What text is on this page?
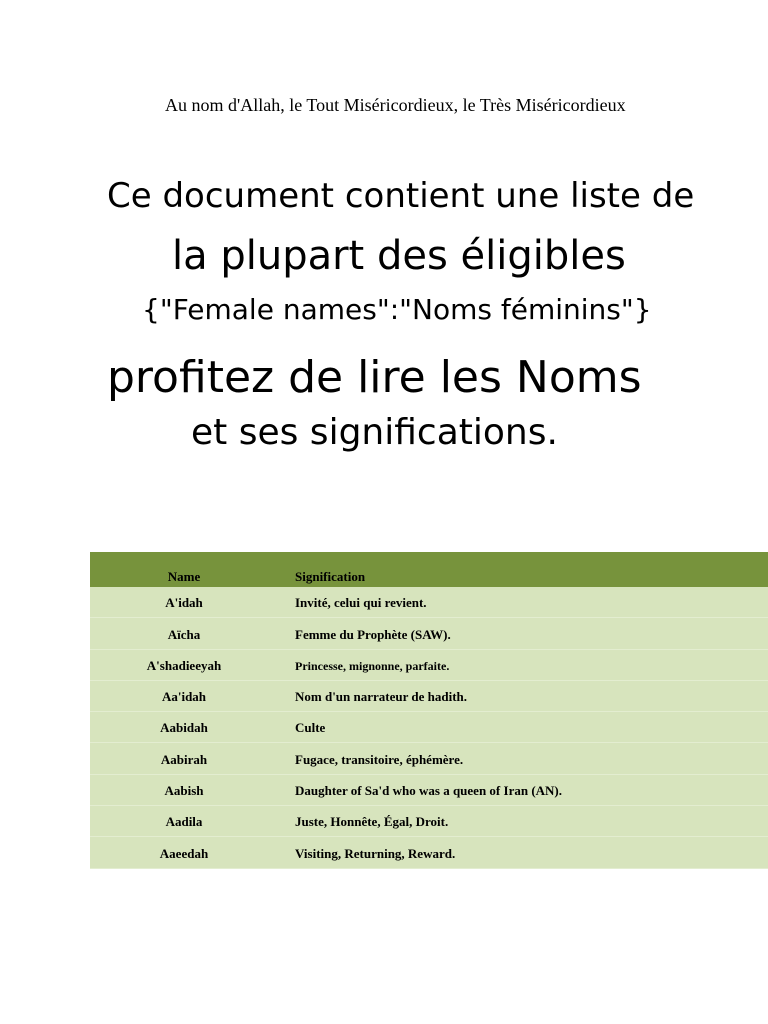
Au nom d'Allah, le Tout Miséricordieux, le Très Miséricordieux
Ce document contient une liste de
la plupart des éligibles
{"Female names":"Noms féminins"}
profitez de lire les Noms
et ses significations.
Name	Signification
A'idah	Invité, celui qui revient.
Aïcha	Femme du Prophète (SAW).
A'shadieeyah	Princesse, mignonne, parfaite.
Aa'idah	Nom d'un narrateur de hadith.
Aabidah	Culte
Aabirah	Fugace, transitoire, éphémère.
Aabish	Daughter of Sa'd who was a queen of Iran (AN).
Aadila	Juste, Honnête, Égal, Droit.
Aaeedah	Visiting, Returning, Reward.
